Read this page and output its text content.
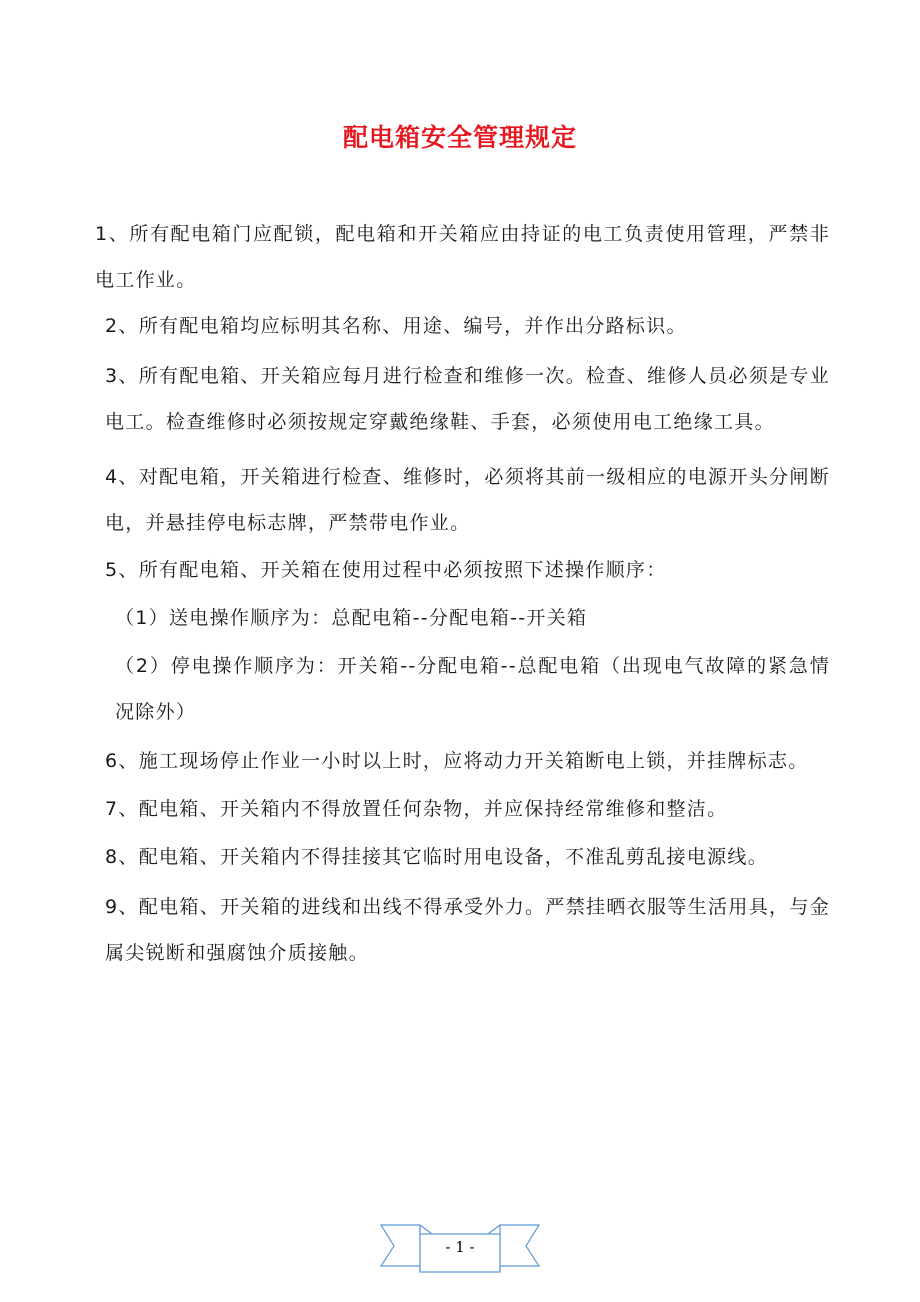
配电箱安全管理规定

1、所有配电箱门应配锁，配电箱和开关箱应由持证的电工负责使用管理，严禁非电工作业。

2、所有配电箱均应标明其名称、用途、编号，并作出分路标识。

3、所有配电箱、开关箱应每月进行检查和维修一次。检查、维修人员必须是专业电工。检查维修时必须按规定穿戴绝缘鞋、手套，必须使用电工绝缘工具。

4、对配电箱，开关箱进行检查、维修时，必须将其前一级相应的电源开头分闸断电，并悬挂停电标志牌，严禁带电作业。

5、所有配电箱、开关箱在使用过程中必须按照下述操作顺序：

（1）送电操作顺序为：总配电箱--分配电箱--开关箱

（2）停电操作顺序为：开关箱--分配电箱--总配电箱（出现电气故障的紧急情况除外）

6、施工现场停止作业一小时以上时，应将动力开关箱断电上锁，并挂牌标志。

7、配电箱、开关箱内不得放置任何杂物，并应保持经常维修和整洁。

8、配电箱、开关箱内不得挂接其它临时用电设备，不准乱剪乱接电源线。

9、配电箱、开关箱的进线和出线不得承受外力。严禁挂晒衣服等生活用具，与金属尖锐断和强腐蚀介质接触。

- 1 -
